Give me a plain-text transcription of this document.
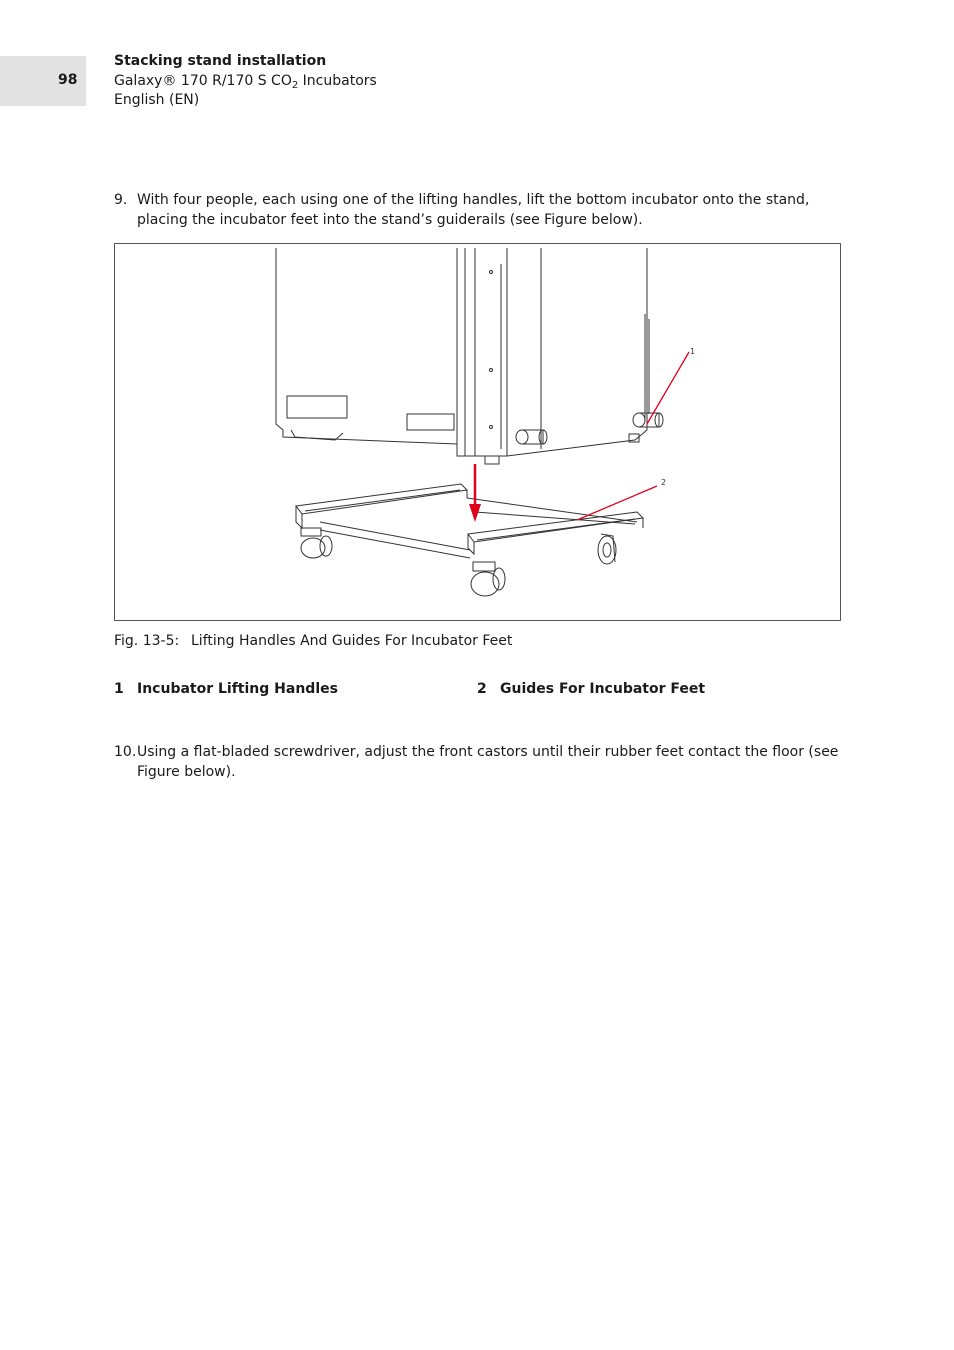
98
Stacking stand installation
Galaxy® 170 R/170 S $CO_2$ Incubators
English (EN)
9. With four people, each using one of the lifting handles, lift the bottom incubator onto the stand, placing the incubator feet into the stand’s guiderails (see Figure below).
1
2
Fig. 13-5: Lifting Handles And Guides For Incubator Feet
1 Incubator Lifting Handles	2 Guides For Incubator Feet
10. Using a flat-bladed screwdriver, adjust the front castors until their rubber feet contact the floor (see Figure below).
